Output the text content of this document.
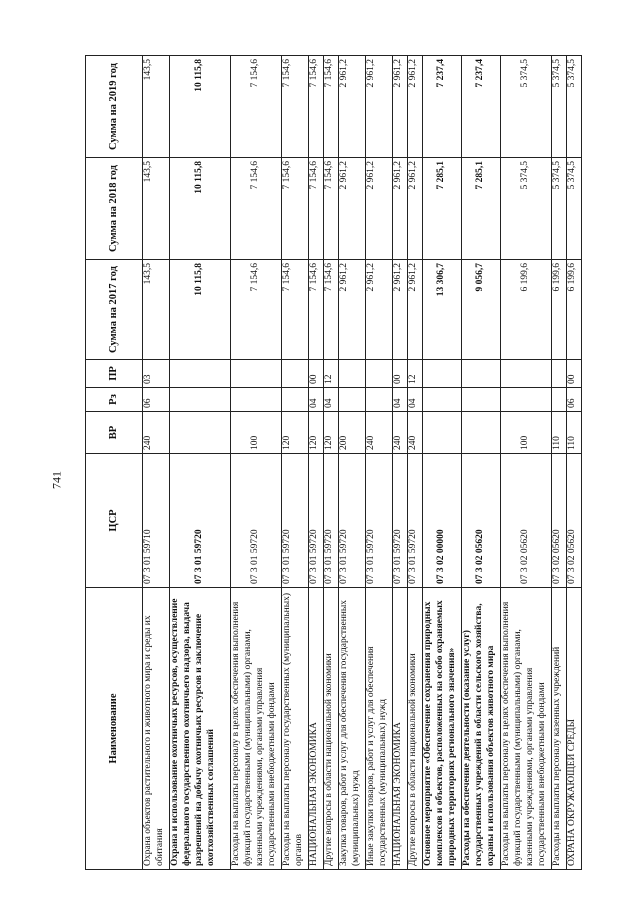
741
Наименование	ЦСР	ВР	Рз	ПР	Сумма на 2017 год	Сумма на 2018 год	Сумма на 2019 год
Охрана объектов растительного и животного мира и среды их обитания	07 3 01 59710	240	06	03	143,5	143,5	143,5
Охрана и использование охотничьих ресурсов, осуществление федерального государственного охотничьего надзора, выдача разрешений на добычу охотничьих ресурсов и заключение охотхозяйственных соглашений	07 3 01 59720				10 115,8	10 115,8	10 115,8
Расходы на выплаты персоналу в целях обеспечения выполнения функций государственными (муниципальными) органами, казенными учреждениями, органами управления государственными внебюджетными фондами	07 3 01 59720	100			7 154,6	7 154,6	7 154,6
Расходы на выплаты персоналу государственных (муниципальных) органов	07 3 01 59720	120			7 154,6	7 154,6	7 154,6
НАЦИОНАЛЬНАЯ ЭКОНОМИКА	07 3 01 59720	120	04	00	7 154,6	7 154,6	7 154,6
Другие вопросы в области национальной экономики	07 3 01 59720	120	04	12	7 154,6	7 154,6	7 154,6
Закупка товаров, работ и услуг для обеспечения государственных (муниципальных) нужд	07 3 01 59720	200			2 961,2	2 961,2	2 961,2
Иные закупки товаров, работ и услуг для обеспечения государственных (муниципальных) нужд	07 3 01 59720	240			2 961,2	2 961,2	2 961,2
НАЦИОНАЛЬНАЯ ЭКОНОМИКА	07 3 01 59720	240	04	00	2 961,2	2 961,2	2 961,2
Другие вопросы в области национальной экономики	07 3 01 59720	240	04	12	2 961,2	2 961,2	2 961,2
Основное мероприятие «Обеспечение сохранения природных комплексов и объектов, расположенных на особо охраняемых природных территориях регионального значения»	07 3 02 00000				13 306,7	7 285,1	7 237,4
Расходы на обеспечение деятельности (оказание услуг) государственных учреждений в области сельского хозяйства, охраны и использования объектов животного мира	07 3 02 05620				9 056,7	7 285,1	7 237,4
Расходы на выплаты персоналу в целях обеспечения выполнения функций государственными (муниципальными) органами, казенными учреждениями, органами управления государственными внебюджетными фондами	07 3 02 05620	100			6 199,6	5 374,5	5 374,5
Расходы на выплаты персоналу казенных учреждений	07 3 02 05620	110			6 199,6	5 374,5	5 374,5
ОХРАНА ОКРУЖАЮЩЕЙ СРЕДЫ	07 3 02 05620	110	06	00	6 199,6	5 374,5	5 374,5
